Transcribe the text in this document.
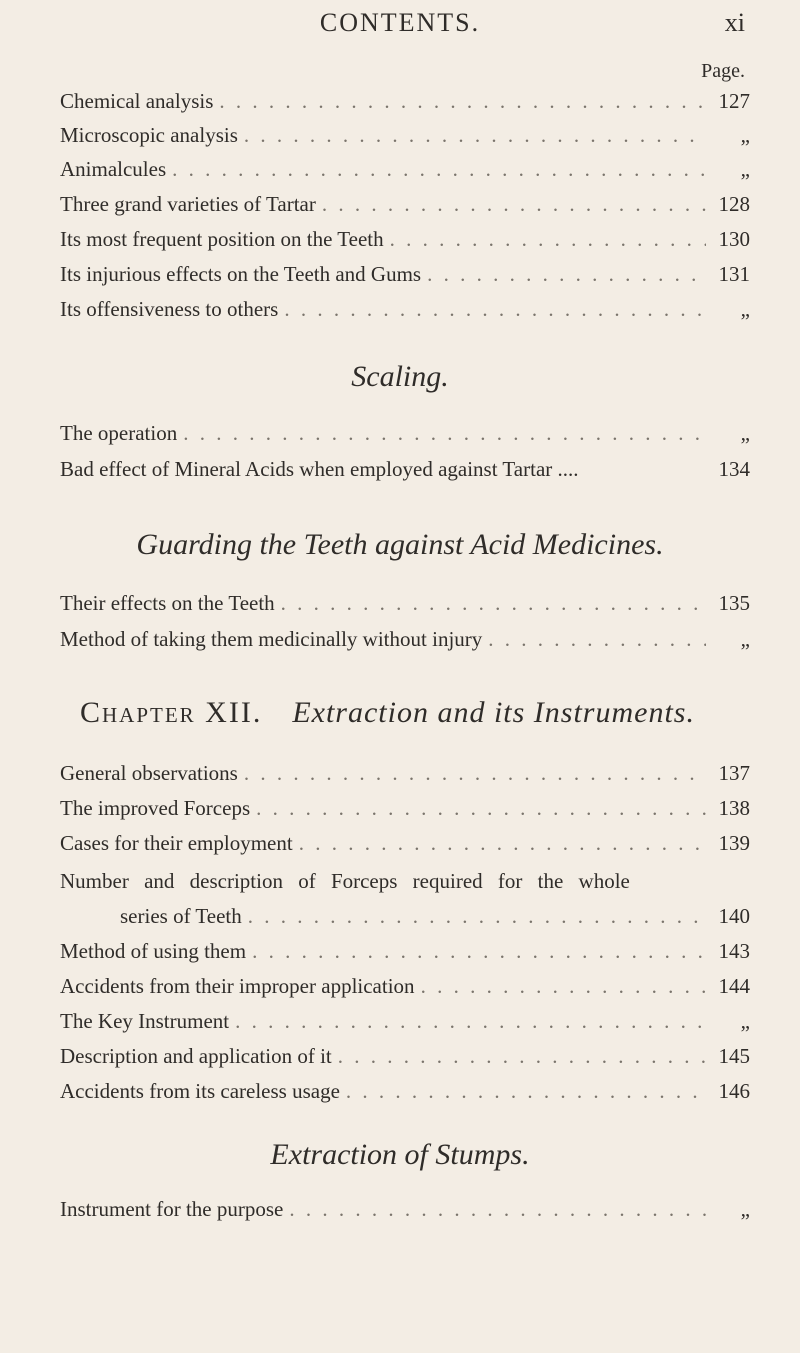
CONTENTS.	xi
Page.
Chemical analysis . . .	127
Microscopic analysis . . .	„
Animalcules . . .	„
Three grand varieties of Tartar . . .	128
Its most frequent position on the Teeth . . .	130
Its injurious effects on the Teeth and Gums . . .	131
Its offensiveness to others . . .	„
Scaling.
The operation . . .	„
Bad effect of Mineral Acids when employed against Tartar ....	134
Guarding the Teeth against Acid Medicines.
Their effects on the Teeth . . .	135
Method of taking them medicinally without injury . . .	„
Chapter XII. Extraction and its Instruments.
General observations . . .	137
The improved Forceps . . .	138
Cases for their employment . . .	139
Number and description of Forceps required for the whole
series of Teeth . . .	140
Method of using them . . .	143
Accidents from their improper application . . .	144
The Key Instrument . . .	„
Description and application of it . . .	145
Accidents from its careless usage . . .	146
Extraction of Stumps.
Instrument for the purpose . . .	„
